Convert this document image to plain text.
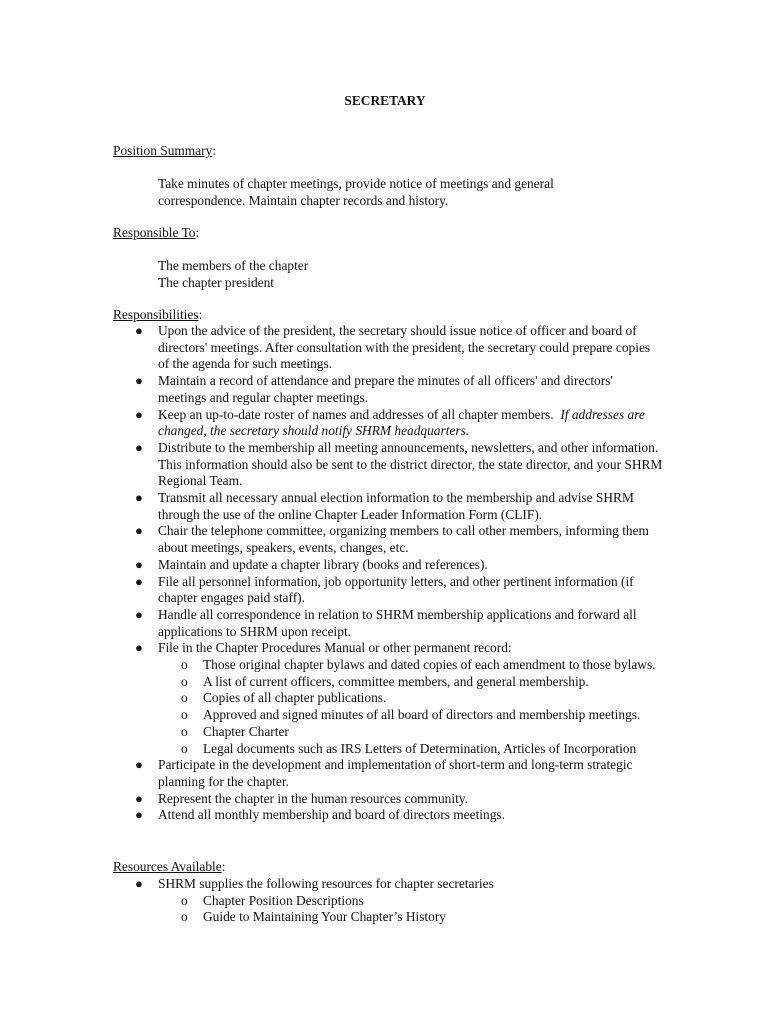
SECRETARY
Position Summary:
Take minutes of chapter meetings, provide notice of meetings and general correspondence. Maintain chapter records and history.
Responsible To:
The members of the chapter
The chapter president
Responsibilities:
● Upon the advice of the president, the secretary should issue notice of officer and board of directors' meetings. After consultation with the president, the secretary could prepare copies of the agenda for such meetings.
● Maintain a record of attendance and prepare the minutes of all officers' and directors' meetings and regular chapter meetings.
● Keep an up-to-date roster of names and addresses of all chapter members. If addresses are changed, the secretary should notify SHRM headquarters.
● Distribute to the membership all meeting announcements, newsletters, and other information. This information should also be sent to the district director, the state director, and your SHRM Regional Team.
● Transmit all necessary annual election information to the membership and advise SHRM through the use of the online Chapter Leader Information Form (CLIF).
● Chair the telephone committee, organizing members to call other members, informing them about meetings, speakers, events, changes, etc.
● Maintain and update a chapter library (books and references).
● File all personnel information, job opportunity letters, and other pertinent information (if chapter engages paid staff).
● Handle all correspondence in relation to SHRM membership applications and forward all applications to SHRM upon receipt.
● File in the Chapter Procedures Manual or other permanent record:
o Those original chapter bylaws and dated copies of each amendment to those bylaws.
o A list of current officers, committee members, and general membership.
o Copies of all chapter publications.
o Approved and signed minutes of all board of directors and membership meetings.
o Chapter Charter
o Legal documents such as IRS Letters of Determination, Articles of Incorporation
● Participate in the development and implementation of short-term and long-term strategic planning for the chapter.
● Represent the chapter in the human resources community.
● Attend all monthly membership and board of directors meetings.
Resources Available:
● SHRM supplies the following resources for chapter secretaries
o Chapter Position Descriptions
o Guide to Maintaining Your Chapter’s History
